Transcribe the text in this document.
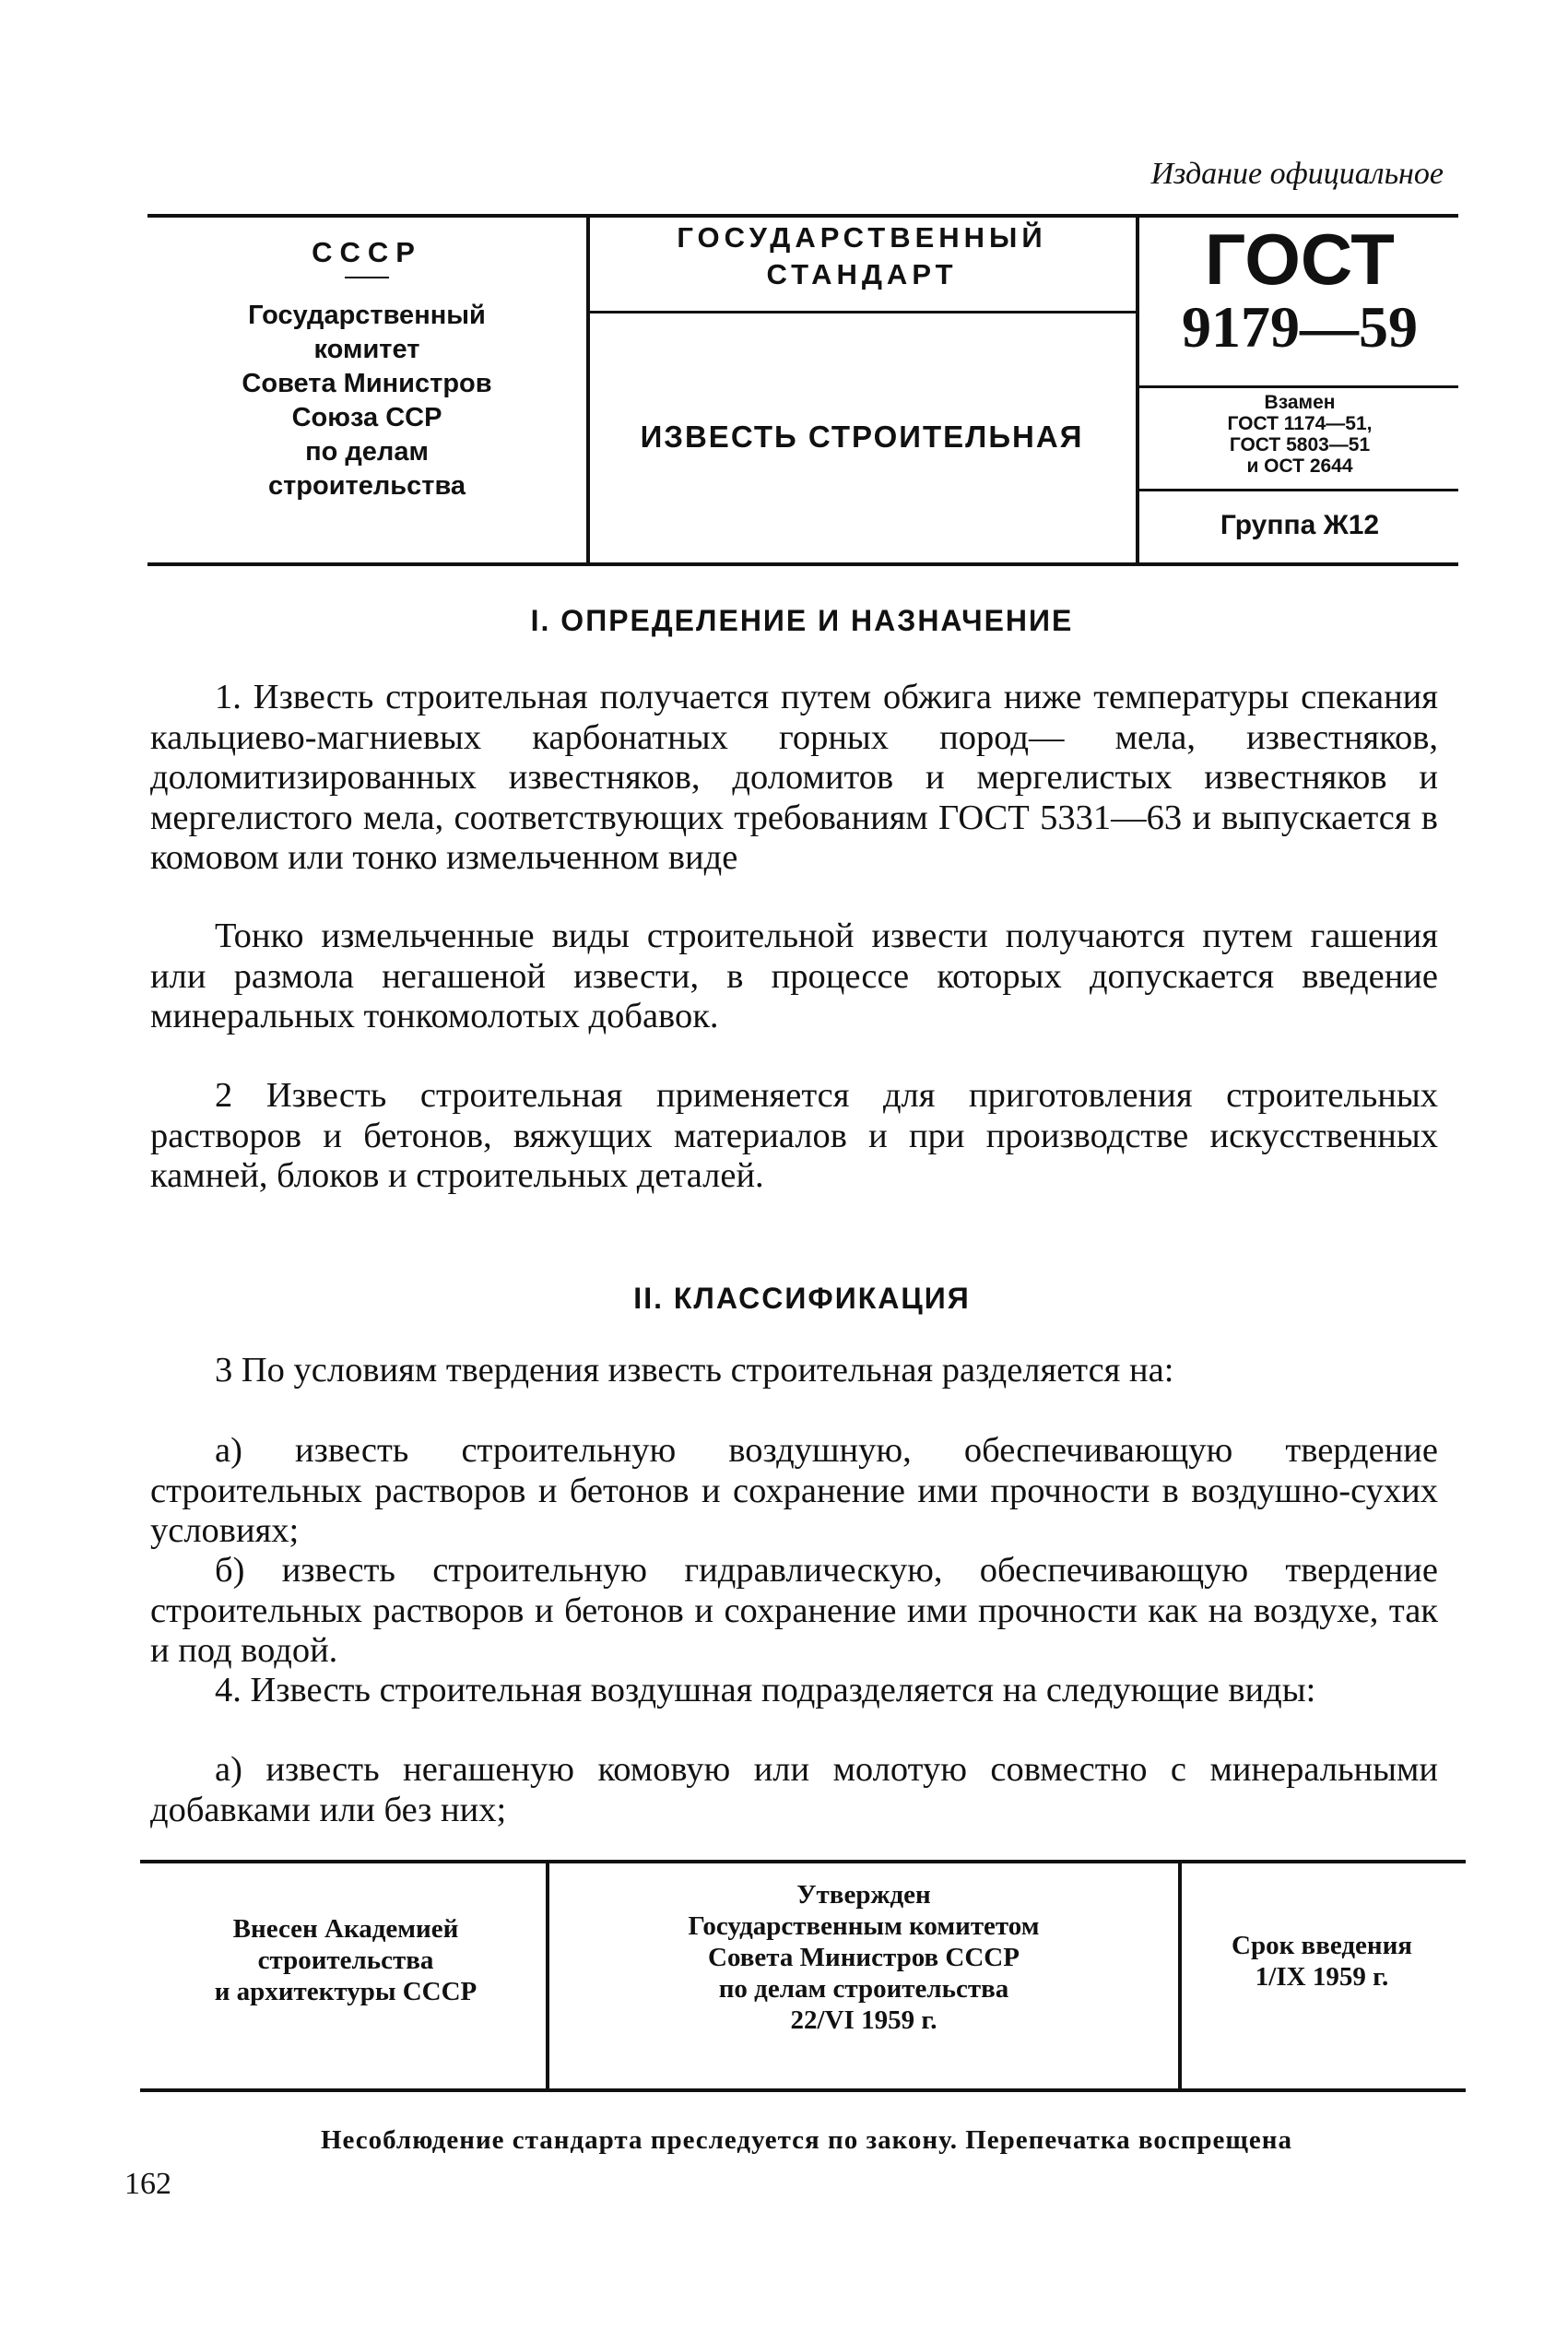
Издание официальное
СССР
Государственный
комитет
Совета Министров
Союза ССР
по делам
строительства
ГОСУДАРСТВЕННЫЙ
СТАНДАРТ
ИЗВЕСТЬ СТРОИТЕЛЬНАЯ
ГОСТ
9179—59
Взамен
ГОСТ 1174—51,
ГОСТ 5803—51
и ОСТ 2644
Группа Ж12
I. ОПРЕДЕЛЕНИЕ И НАЗНАЧЕНИЕ

1. Известь строительная получается путем обжига ниже температуры спекания кальциево-магниевых карбонатных горных пород— мела, известняков, доломитизированных известняков, доломитов и мергелистых известняков и мергелистого мела, соответствующих требованиям ГОСТ 5331—63 и выпускается в комовом или тонко измельченном виде

Тонко измельченные виды строительной извести получаются путем гашения или размола негашеной извести, в процессе которых допускается введение минеральных тонкомолотых добавок.

2 Известь строительная применяется для приготовления строительных растворов и бетонов, вяжущих материалов и при производстве искусственных камней, блоков и строительных деталей.

II. КЛАССИФИКАЦИЯ

3 По условиям твердения известь строительная разделяется на:

а) известь строительную воздушную, обеспечивающую твердение строительных растворов и бетонов и сохранение ими прочности в воздушно-сухих условиях;

б) известь строительную гидравлическую, обеспечивающую твердение строительных растворов и бетонов и сохранение ими прочности как на воздухе, так и под водой.

4. Известь строительная воздушная подразделяется на следующие виды:

а) известь негашеную комовую или молотую совместно с минеральными добавками или без них;

Внесен Академией
строительства
и архитектуры СССР
Утвержден
Государственным комитетом
Совета Министров СССР
по делам строительства
22/VI 1959 г.
Срок введения
1/IX 1959 г.
Несоблюдение стандарта преследуется по закону. Перепечатка воспрещена
162
